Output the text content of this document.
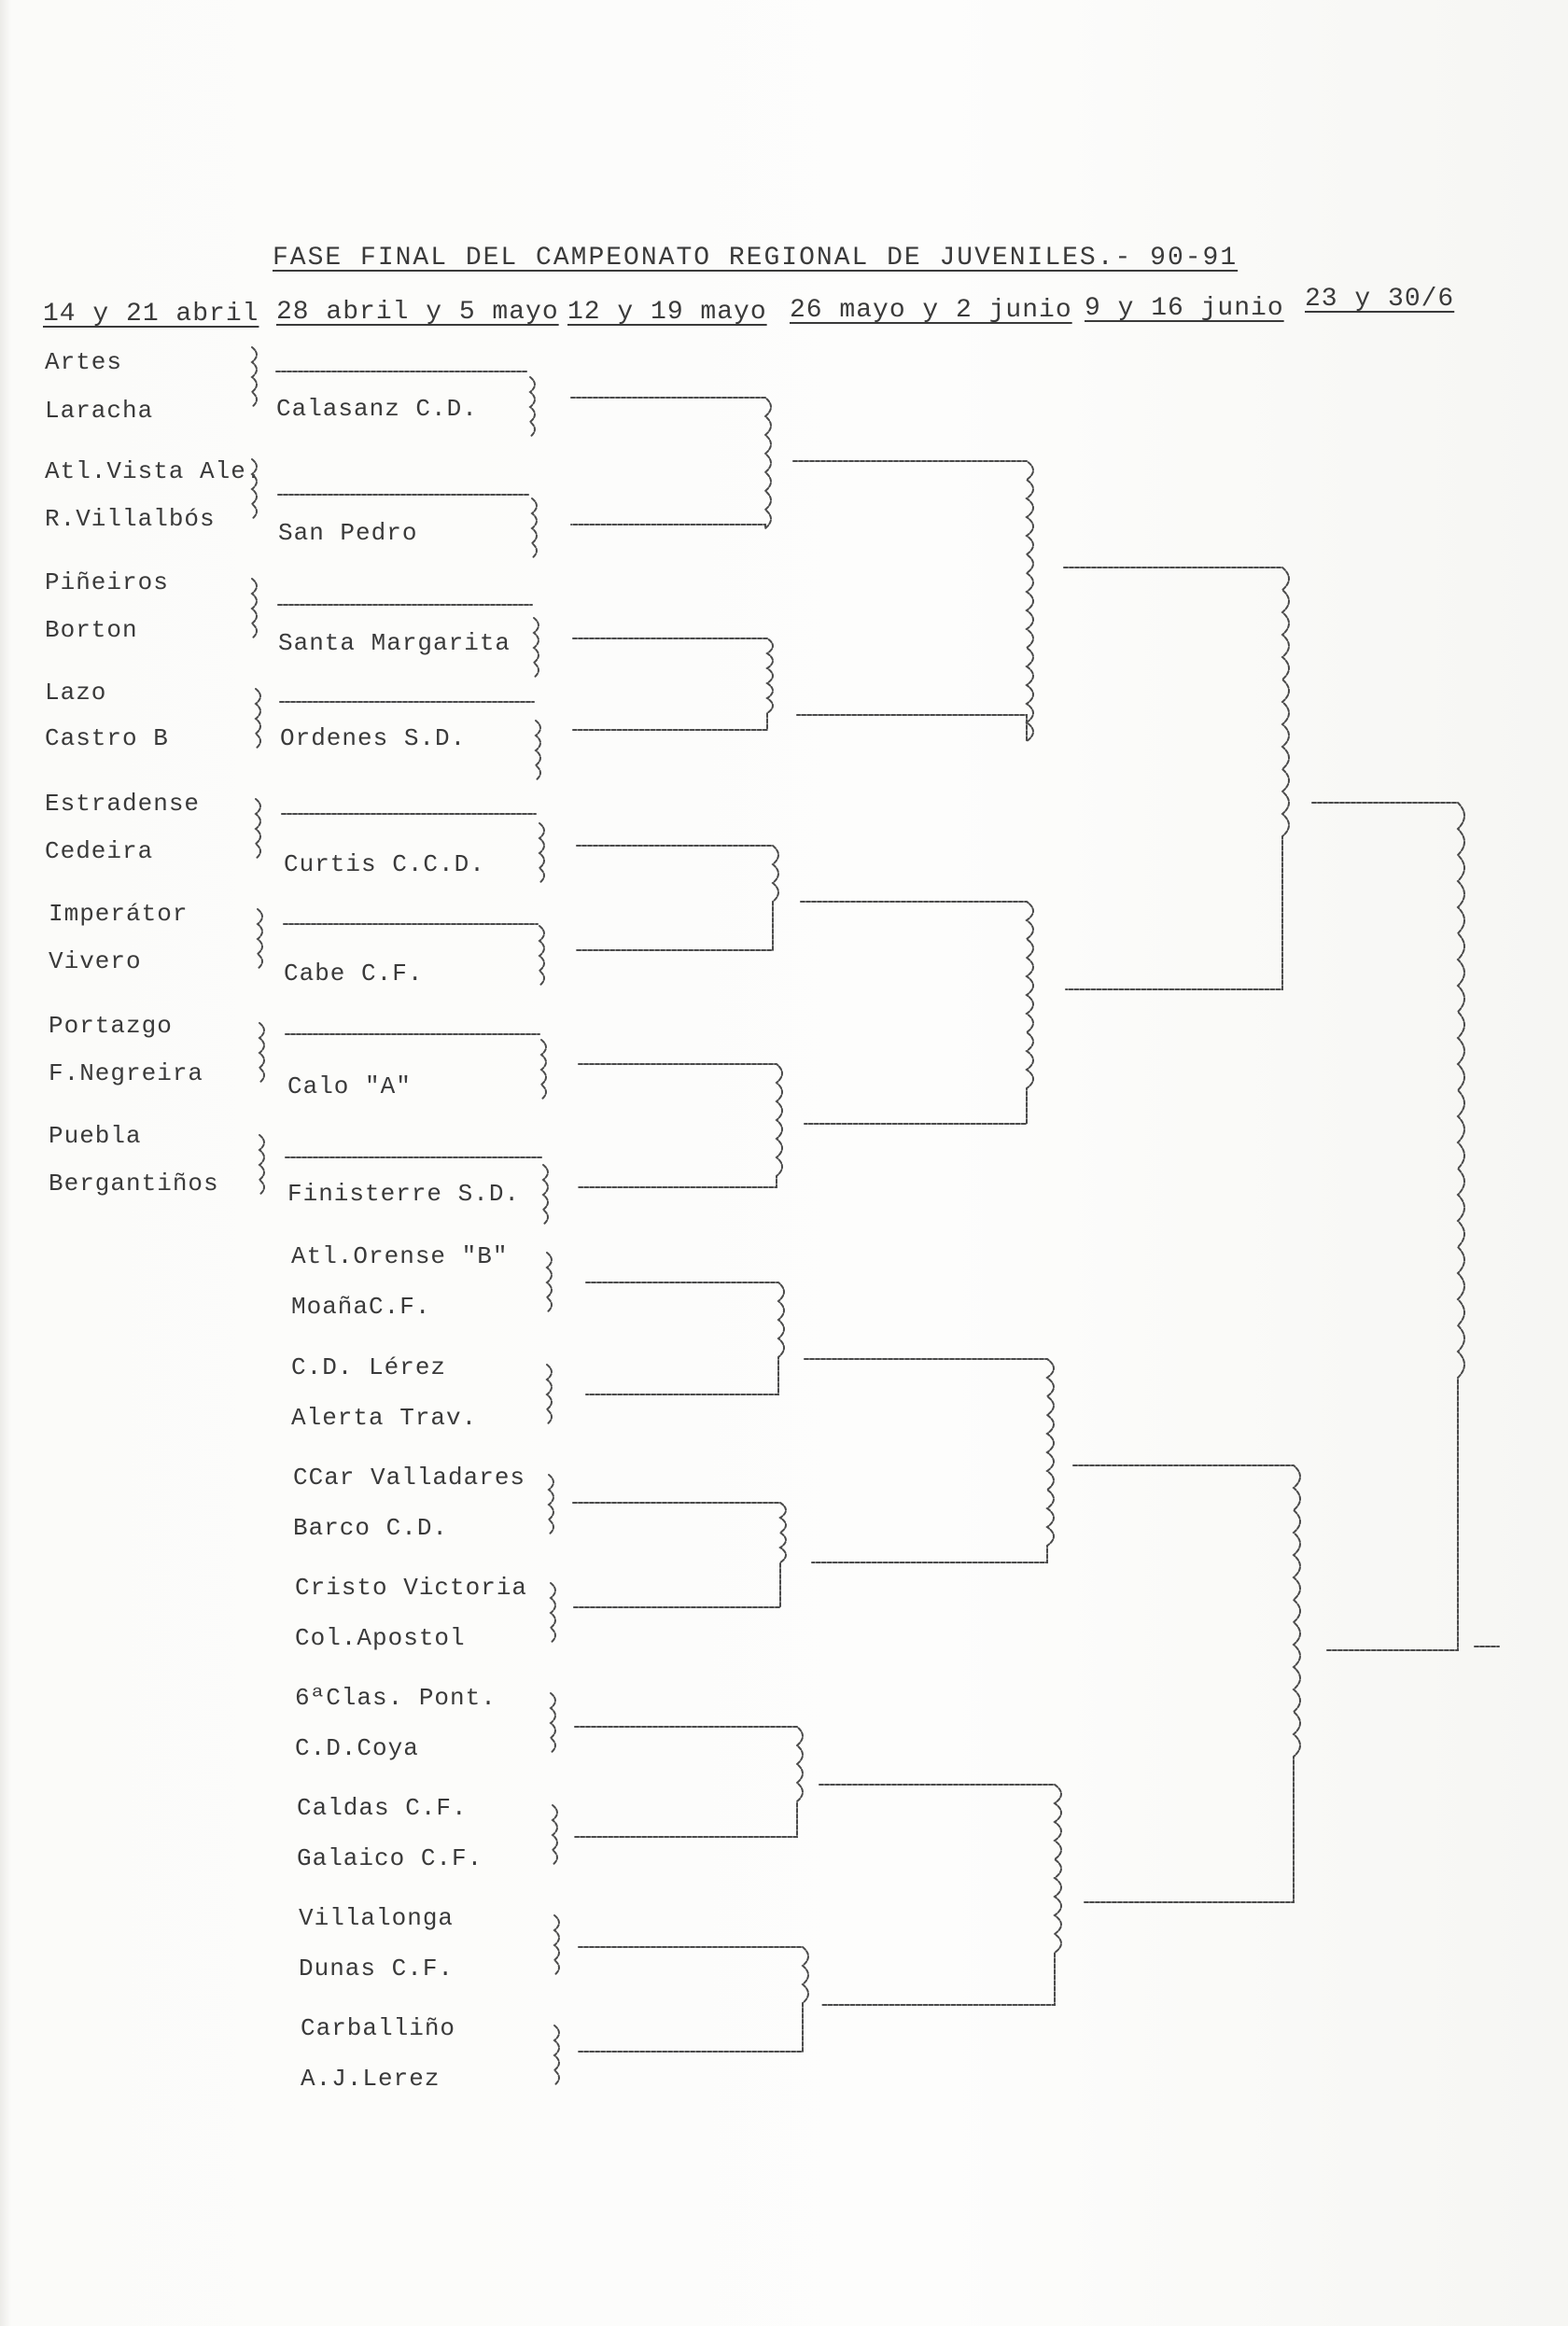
FASE FINAL DEL CAMPEONATO REGIONAL DE JUVENILES.- 90-91
14 y 21 abril 28 abril y 5 mayo 12 y 19 mayo 26 mayo y 2 junio 9 y 16 junio 23 y 30/6
Artes
Laracha
Atl.Vista Ale.
R.Villalbós
Piñeiros
Borton
Lazo
Castro B
Estradense
Cedeira
Imperátor
Vivero
Portazgo
F.Negreira
Puebla
Bergantiños
Calasanz C.D.
San Pedro
Santa Margarita
Ordenes S.D.
Curtis C.C.D.
Cabe C.F.
Calo "A"
Finisterre S.D.
Atl.Orense "B"
MoañaC.F.
C.D. Lérez
Alerta Trav.
CCar Valladares
Barco C.D.
Cristo Victoria
Col.Apostol
6ªClas. Pont.
C.D.Coya
Caldas C.F.
Galaico C.F.
Villalonga
Dunas C.F.
Carballiño
A.J.Lerez
